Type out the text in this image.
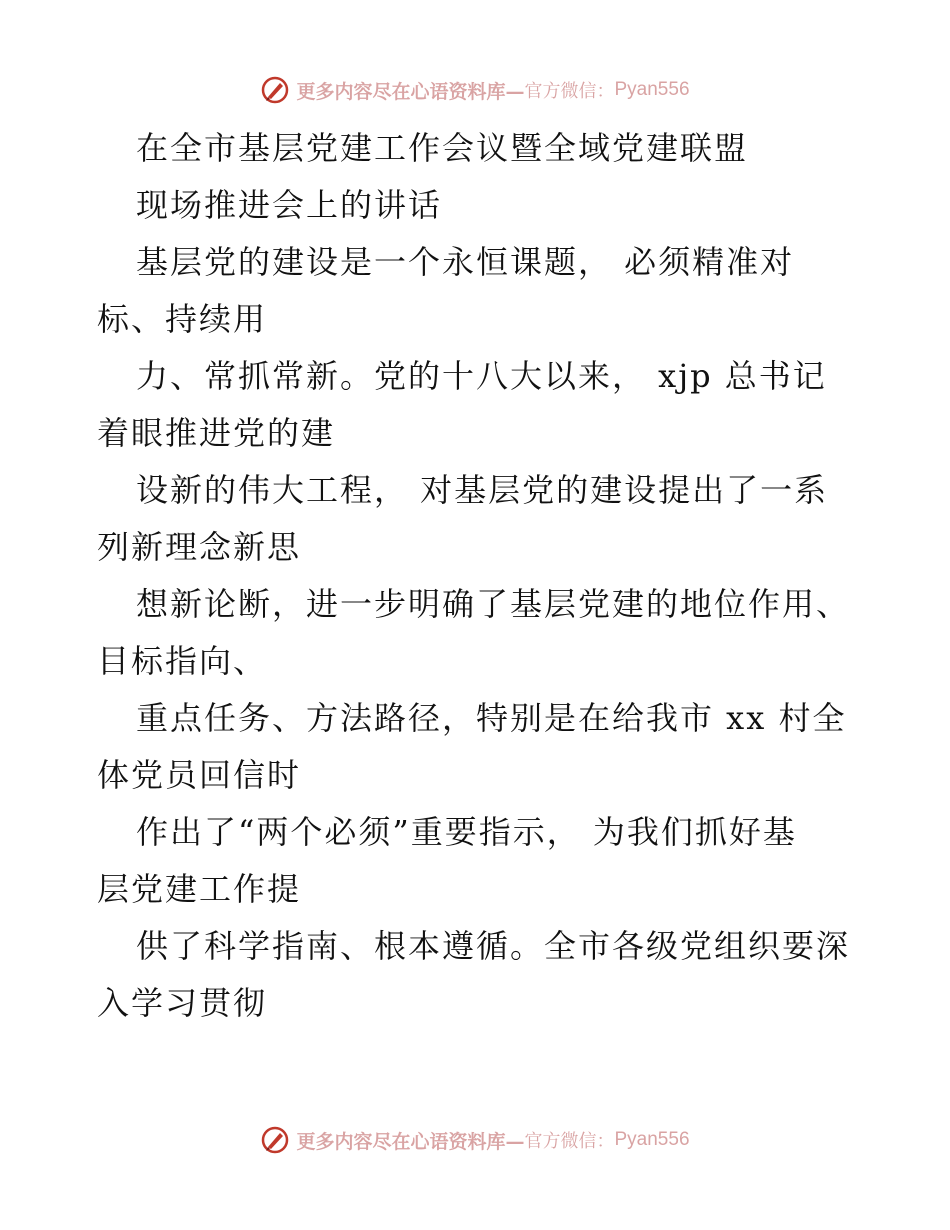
更多内容尽在心语资料库— 官方微信： Pyan556
在全市基层党建工作会议暨全域党建联盟
现场推进会上的讲话
基层党的建设是一个永恒课题， 必须精准对
标、持续用
力、常抓常新。党的十八大以来， xjp 总书记
着眼推进党的建
设新的伟大工程， 对基层党的建设提出了一系
列新理念新思
想新论断，进一步明确了基层党建的地位作用、
目标指向、
重点任务、方法路径，特别是在给我市 xx 村全
体党员回信时
作出了“两个必须”重要指示， 为我们抓好基
层党建工作提
供了科学指南、根本遵循。全市各级党组织要深
入学习贯彻
更多内容尽在心语资料库— 官方微信： Pyan556
